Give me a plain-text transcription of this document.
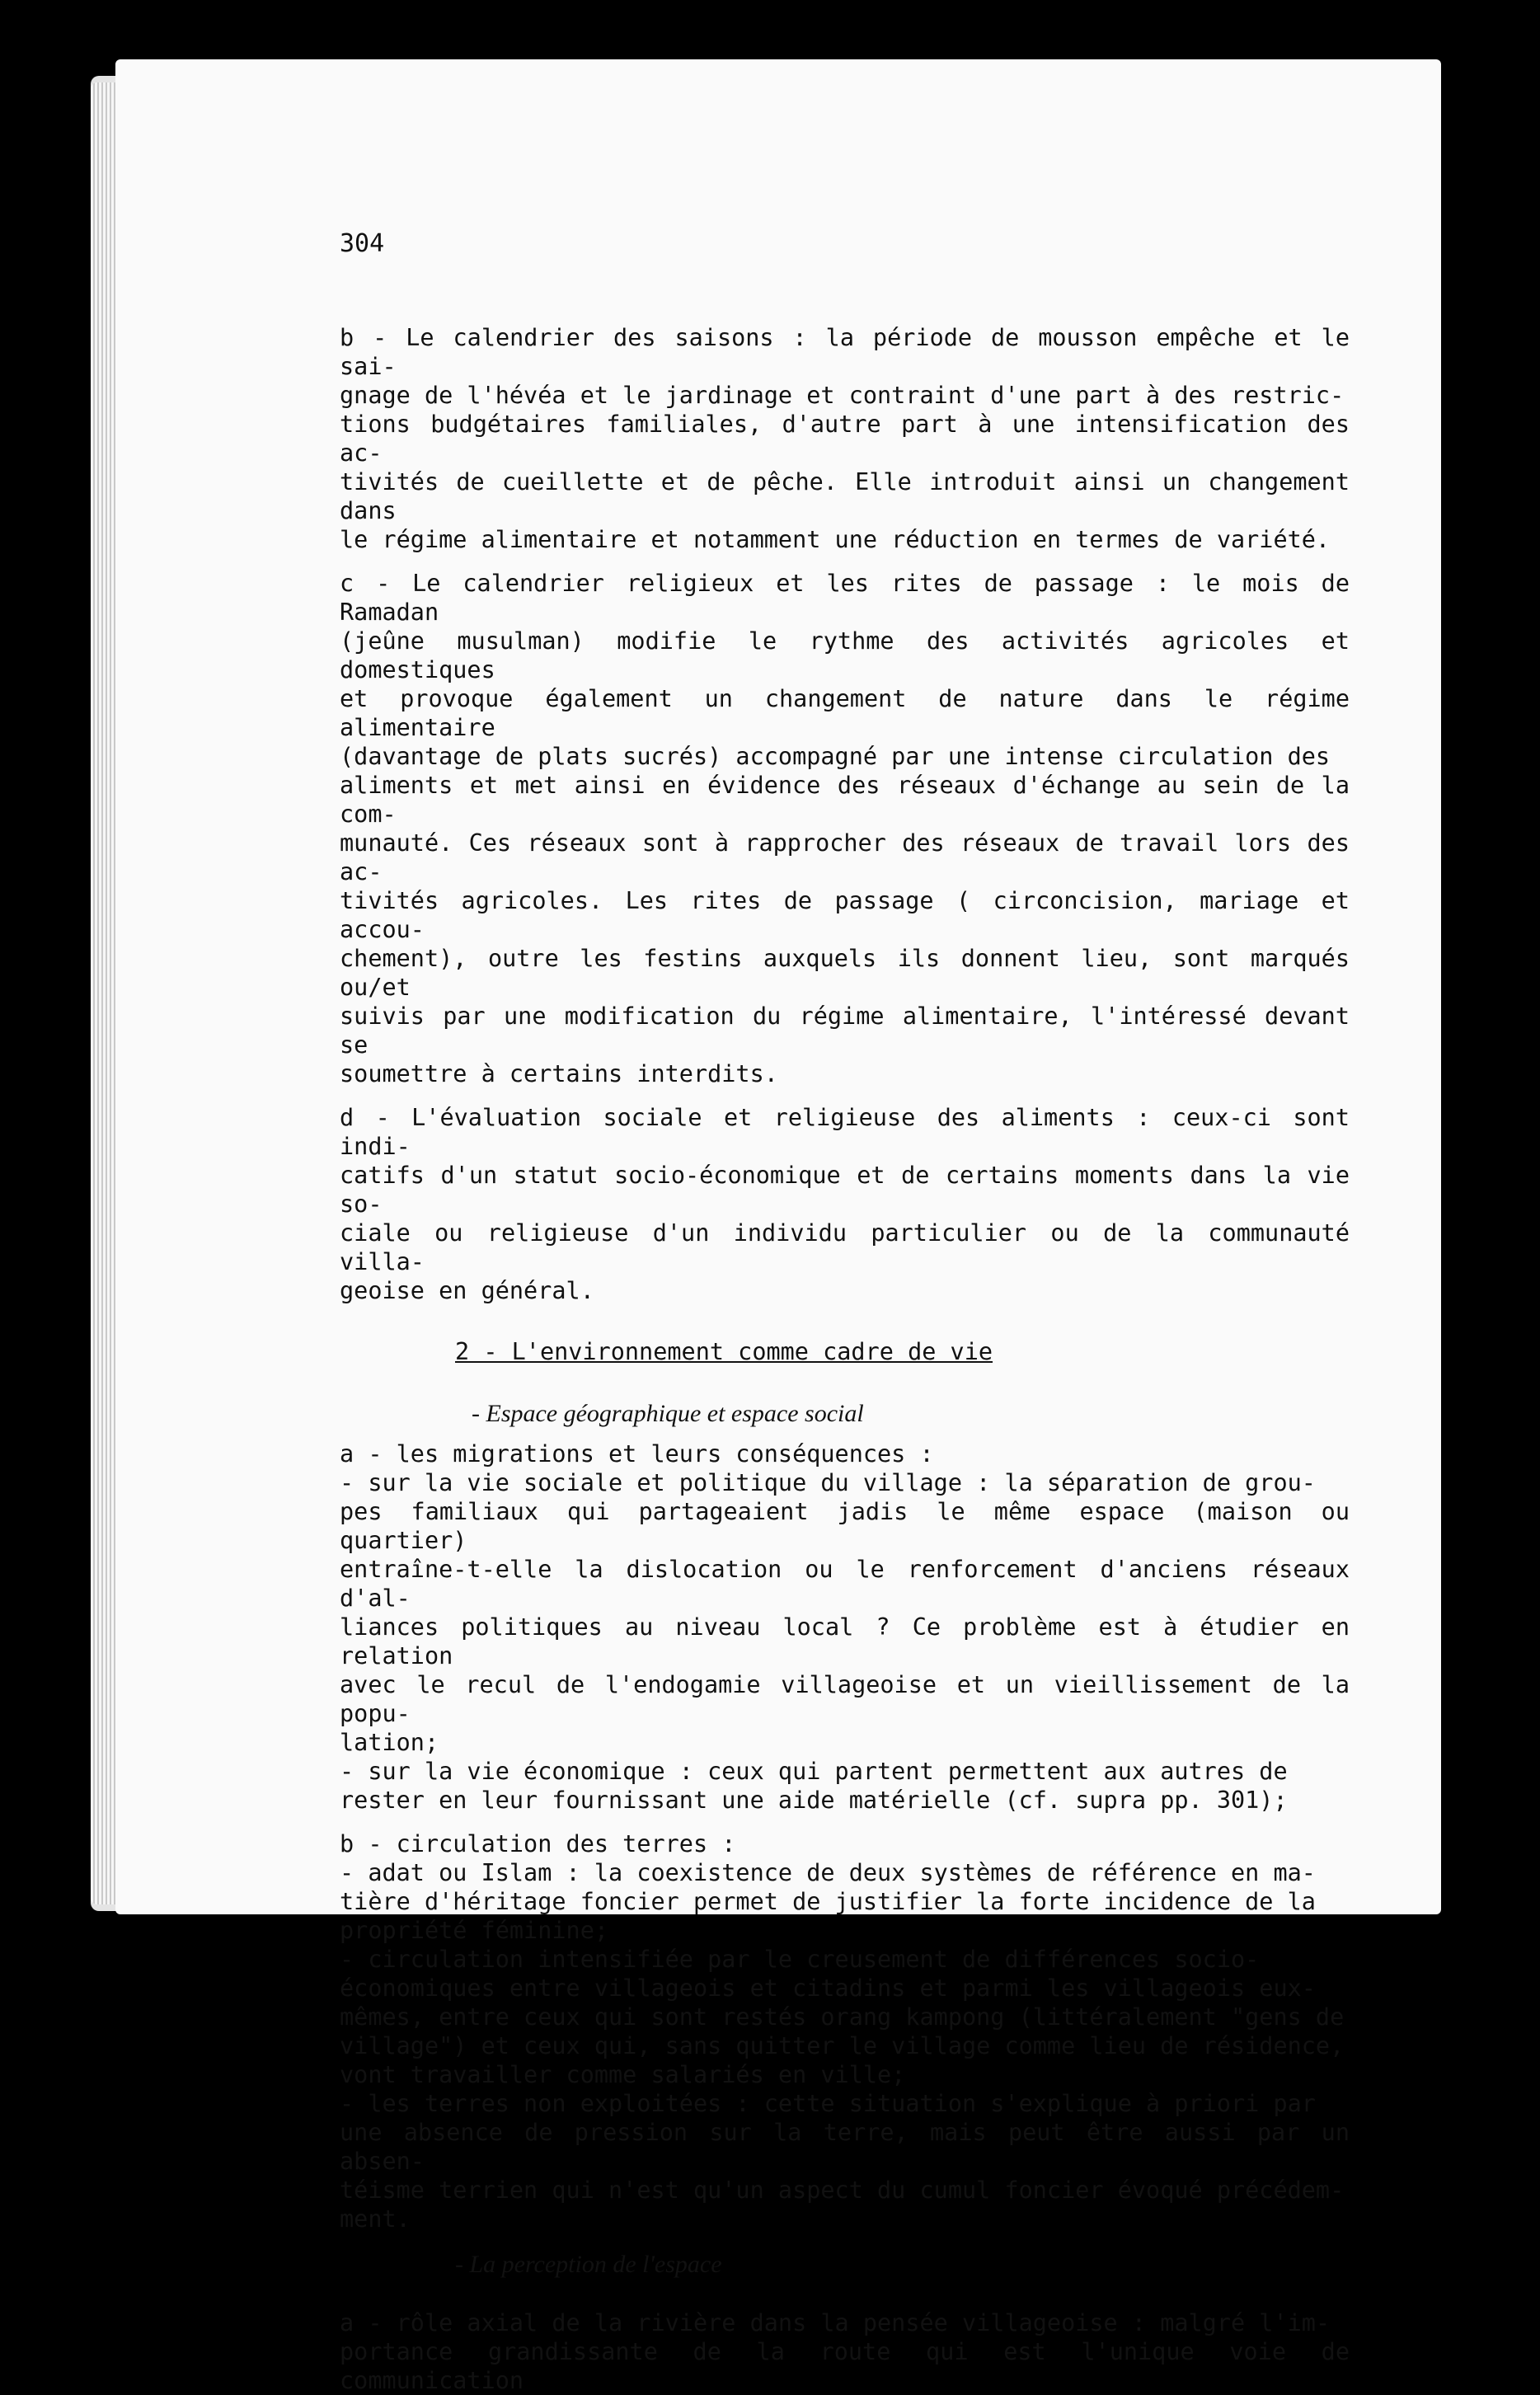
304

b - Le calendrier des saisons : la période de mousson empêche et le sai-
gnage de l'hévéa et le jardinage et contraint d'une part à des restric-
tions budgétaires familiales, d'autre part à une intensification des ac-
tivités de cueillette et de pêche. Elle introduit ainsi un changement dans
le régime alimentaire et notamment une réduction en termes de variété.

c - Le calendrier religieux et les rites de passage : le mois de Ramadan
(jeûne musulman) modifie le rythme des activités agricoles et domestiques
et provoque également un changement de nature dans le régime alimentaire
(davantage de plats sucrés) accompagné par une intense circulation des
aliments et met ainsi en évidence des réseaux d'échange au sein de la com-
munauté. Ces réseaux sont à rapprocher des réseaux de travail lors des ac-
tivités agricoles. Les rites de passage ( circoncision, mariage et accou-
chement), outre les festins auxquels ils donnent lieu, sont marqués ou/et
suivis par une modification du régime alimentaire, l'intéressé devant se
soumettre à certains interdits.

d - L'évaluation sociale et religieuse des aliments : ceux-ci sont indi-
catifs d'un statut socio-économique et de certains moments dans la vie so-
ciale ou religieuse d'un individu particulier ou de la communauté villa-
geoise en général.

2 - L'environnement comme cadre de vie

- Espace géographique et espace social

a - les migrations et leurs conséquences :
- sur la vie sociale et politique du village : la séparation de grou-
pes familiaux qui partageaient jadis le même espace (maison ou quartier)
entraîne-t-elle la dislocation ou le renforcement d'anciens réseaux d'al-
liances politiques au niveau local ? Ce problème est à étudier en relation
avec le recul de l'endogamie villageoise et un vieillissement de la popu-
lation;
- sur la vie économique : ceux qui partent permettent aux autres de
rester en leur fournissant une aide matérielle (cf. supra pp. 301);

b - circulation des terres :
- adat ou Islam : la coexistence de deux systèmes de référence en ma-
tière d'héritage foncier permet de justifier la forte incidence de la
propriété féminine;
- circulation intensifiée par le creusement de différences socio-
économiques entre villageois et citadins et parmi les villageois eux-
mêmes, entre ceux qui sont restés orang kampong (littéralement "gens de
village") et ceux qui, sans quitter le village comme lieu de résidence,
vont travailler comme salariés en ville;
- les terres non exploitées : cette situation s'explique à priori par
une absence de pression sur la terre, mais peut être aussi par un absen-
téisme terrien qui n'est qu'un aspect du cumul foncier évoqué précédem-
ment.

- La perception de l'espace

a - rôle axial de la rivière dans la pensée villageoise : malgré l'im-
portance grandissante de la route qui est l'unique voie de communication
